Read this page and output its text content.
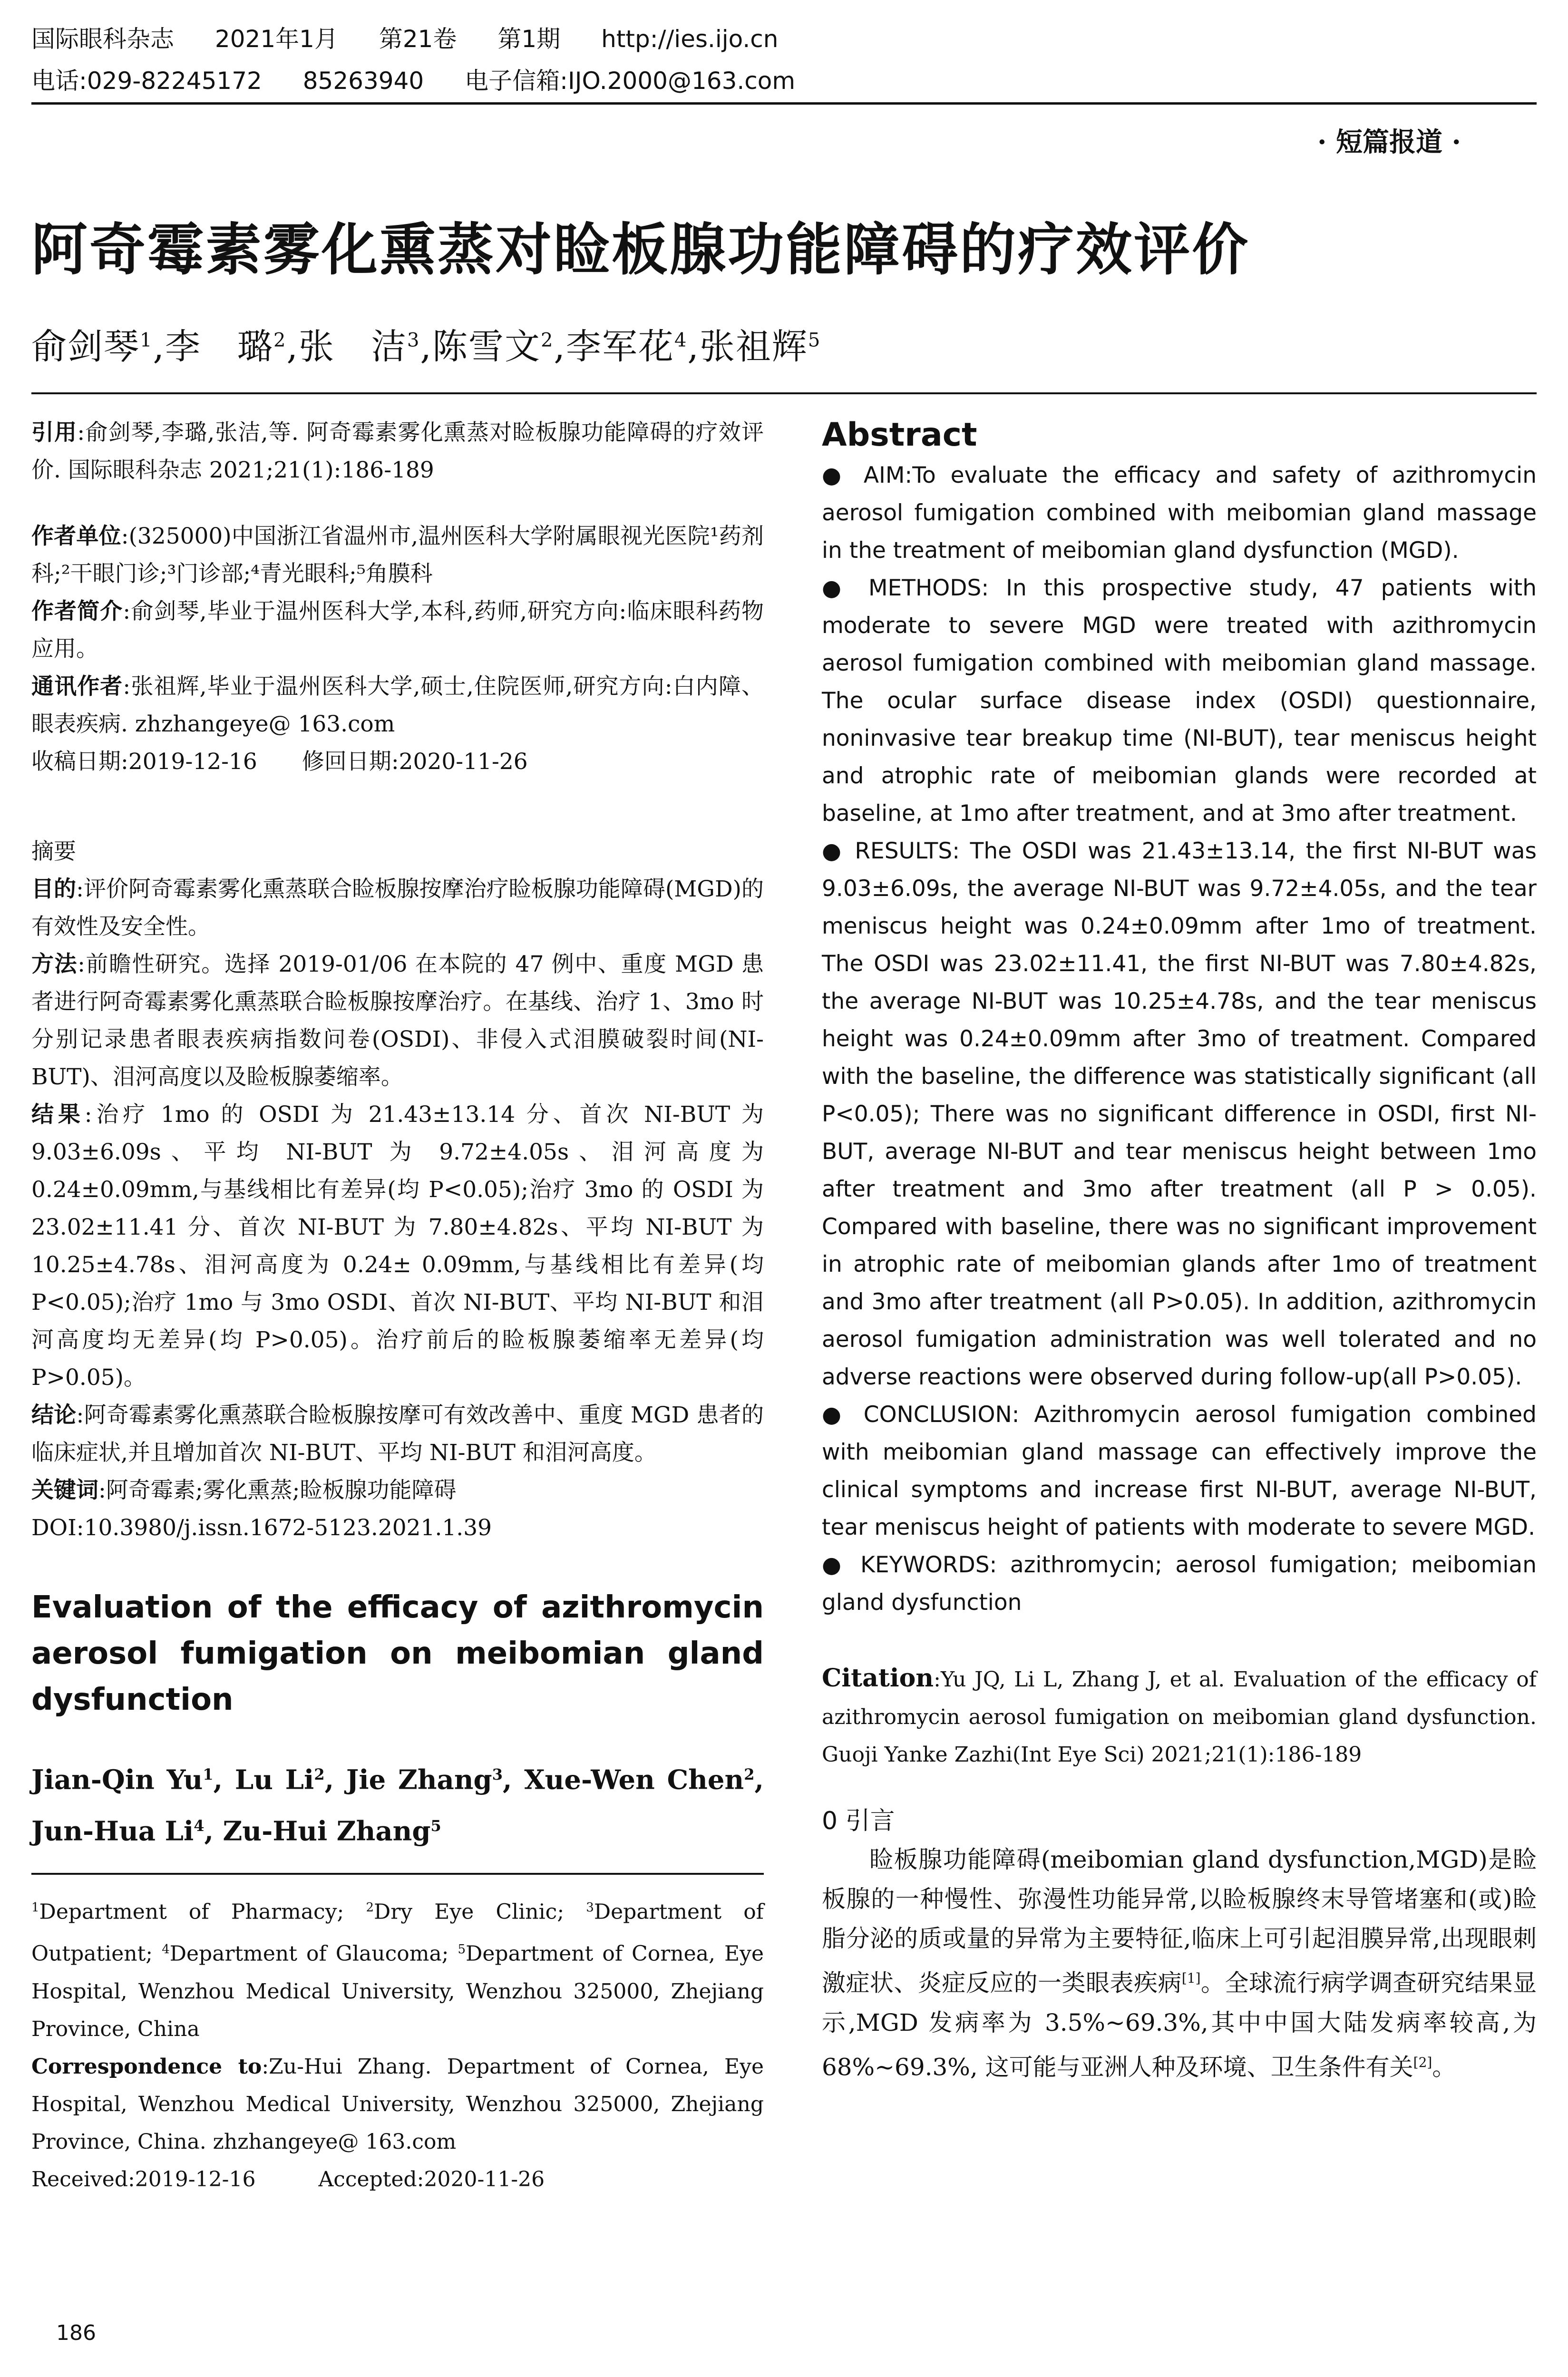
国际眼科杂志 2021年1月 第21卷 第1期 http://ies.ijo.cn
电话:029-82245172 85263940 电子信箱:IJO.2000@163.com
· 短篇报道 ·
阿奇霉素雾化熏蒸对睑板腺功能障碍的疗效评价
俞剑琴$^1$,李　璐$^2$,张　洁$^3$,陈雪文$^2$,李军花$^4$,张祖辉$^5$

引用:俞剑琴,李璐,张洁,等. 阿奇霉素雾化熏蒸对睑板腺功能障碍的疗效评价. 国际眼科杂志 2021;21(1):186-189

作者单位:(325000)中国浙江省温州市,温州医科大学附属眼视光医院¹药剂科;²干眼门诊;³门诊部;⁴青光眼科;⁵角膜科

作者简介:俞剑琴,毕业于温州医科大学,本科,药师,研究方向:临床眼科药物应用。

通讯作者:张祖辉,毕业于温州医科大学,硕士,住院医师,研究方向:白内障、眼表疾病. zhzhangeye@ 163.com

收稿日期:2019-12-16　　修回日期:2020-11-26

摘要

目的:评价阿奇霉素雾化熏蒸联合睑板腺按摩治疗睑板腺功能障碍(MGD)的有效性及安全性。

方法:前瞻性研究。选择 2019-01/06 在本院的 47 例中、重度 MGD 患者进行阿奇霉素雾化熏蒸联合睑板腺按摩治疗。在基线、治疗 1、3mo 时分别记录患者眼表疾病指数问卷(OSDI)、非侵入式泪膜破裂时间(NI-BUT)、泪河高度以及睑板腺萎缩率。

结果:治疗 1mo 的 OSDI 为 21.43±13.14 分、首次 NI-BUT 为 9.03±6.09s、平均 NI-BUT 为 9.72±4.05s、泪河高度为 0.24±0.09mm,与基线相比有差异(均 P<0.05);治疗 3mo 的 OSDI 为 23.02±11.41 分、首次 NI-BUT 为 7.80±4.82s、平均 NI-BUT 为 10.25±4.78s、泪河高度为 0.24± 0.09mm,与基线相比有差异(均 P<0.05);治疗 1mo 与 3mo OSDI、首次 NI-BUT、平均 NI-BUT 和泪河高度均无差异(均 P>0.05)。治疗前后的睑板腺萎缩率无差异(均 P>0.05)。

结论:阿奇霉素雾化熏蒸联合睑板腺按摩可有效改善中、重度 MGD 患者的临床症状,并且增加首次 NI-BUT、平均 NI-BUT 和泪河高度。

关键词:阿奇霉素;雾化熏蒸;睑板腺功能障碍

DOI:10.3980/j.issn.1672-5123.2021.1.39

Evaluation of the efficacy of azithromycin aerosol fumigation on meibomian gland dysfunction

Jian-Qin Yu$^1$, Lu Li$^2$, Jie Zhang$^3$, Xue-Wen Chen$^2$, Jun-Hua Li$^4$, Zu-Hui Zhang$^5$

$^1$Department of Pharmacy; $^2$Dry Eye Clinic; $^3$Department of Outpatient; $^4$Department of Glaucoma; $^5$Department of Cornea, Eye Hospital, Wenzhou Medical University, Wenzhou 325000, Zhejiang Province, China

Correspondence to:Zu-Hui Zhang. Department of Cornea, Eye Hospital, Wenzhou Medical University, Wenzhou 325000, Zhejiang Province, China. zhzhangeye@ 163.com

Received:2019-12-16　　　	Accepted:2020-11-26

Abstract

● AIM:To evaluate the efficacy and safety of azithromycin aerosol fumigation combined with meibomian gland massage in the treatment of meibomian gland dysfunction (MGD).

● METHODS: In this prospective study, 47 patients with moderate to severe MGD were treated with azithromycin aerosol fumigation combined with meibomian gland massage. The ocular surface disease index (OSDI) questionnaire, noninvasive tear breakup time (NI-BUT), tear meniscus height and atrophic rate of meibomian glands were recorded at baseline, at 1mo after treatment, and at 3mo after treatment.

● RESULTS: The OSDI was 21.43±13.14, the first NI-BUT was 9.03±6.09s, the average NI-BUT was 9.72±4.05s, and the tear meniscus height was 0.24±0.09mm after 1mo of treatment. The OSDI was 23.02±11.41, the first NI-BUT was 7.80±4.82s, the average NI-BUT was 10.25±4.78s, and the tear meniscus height was 0.24±0.09mm after 3mo of treatment. Compared with the baseline, the difference was statistically significant (all P<0.05); There was no significant difference in OSDI, first NI-BUT, average NI-BUT and tear meniscus height between 1mo after treatment and 3mo after treatment (all P > 0.05). Compared with baseline, there was no significant improvement in atrophic rate of meibomian glands after 1mo of treatment and 3mo after treatment (all P>0.05). In addition, azithromycin aerosol fumigation administration was well tolerated and no adverse reactions were observed during follow-up(all P>0.05).

● CONCLUSION: Azithromycin aerosol fumigation combined with meibomian gland massage can effectively improve the clinical symptoms and increase first NI-BUT, average NI-BUT, tear meniscus height of patients with moderate to severe MGD.

● KEYWORDS: azithromycin; aerosol fumigation; meibomian gland dysfunction

Citation:Yu JQ, Li L, Zhang J, et al. Evaluation of the efficacy of azithromycin aerosol fumigation on meibomian gland dysfunction. Guoji Yanke Zazhi(Int Eye Sci) 2021;21(1):186-189

0 引言

睑板腺功能障碍(meibomian gland dysfunction,MGD)是睑板腺的一种慢性、弥漫性功能异常,以睑板腺终末导管堵塞和(或)睑脂分泌的质或量的异常为主要特征,临床上可引起泪膜异常,出现眼刺激症状、炎症反应的一类眼表疾病[1]。全球流行病学调查研究结果显示,MGD 发病率为 3.5%~69.3%,其中中国大陆发病率较高,为68%~69.3%, 这可能与亚洲人种及环境、卫生条件有关[2]。

186
